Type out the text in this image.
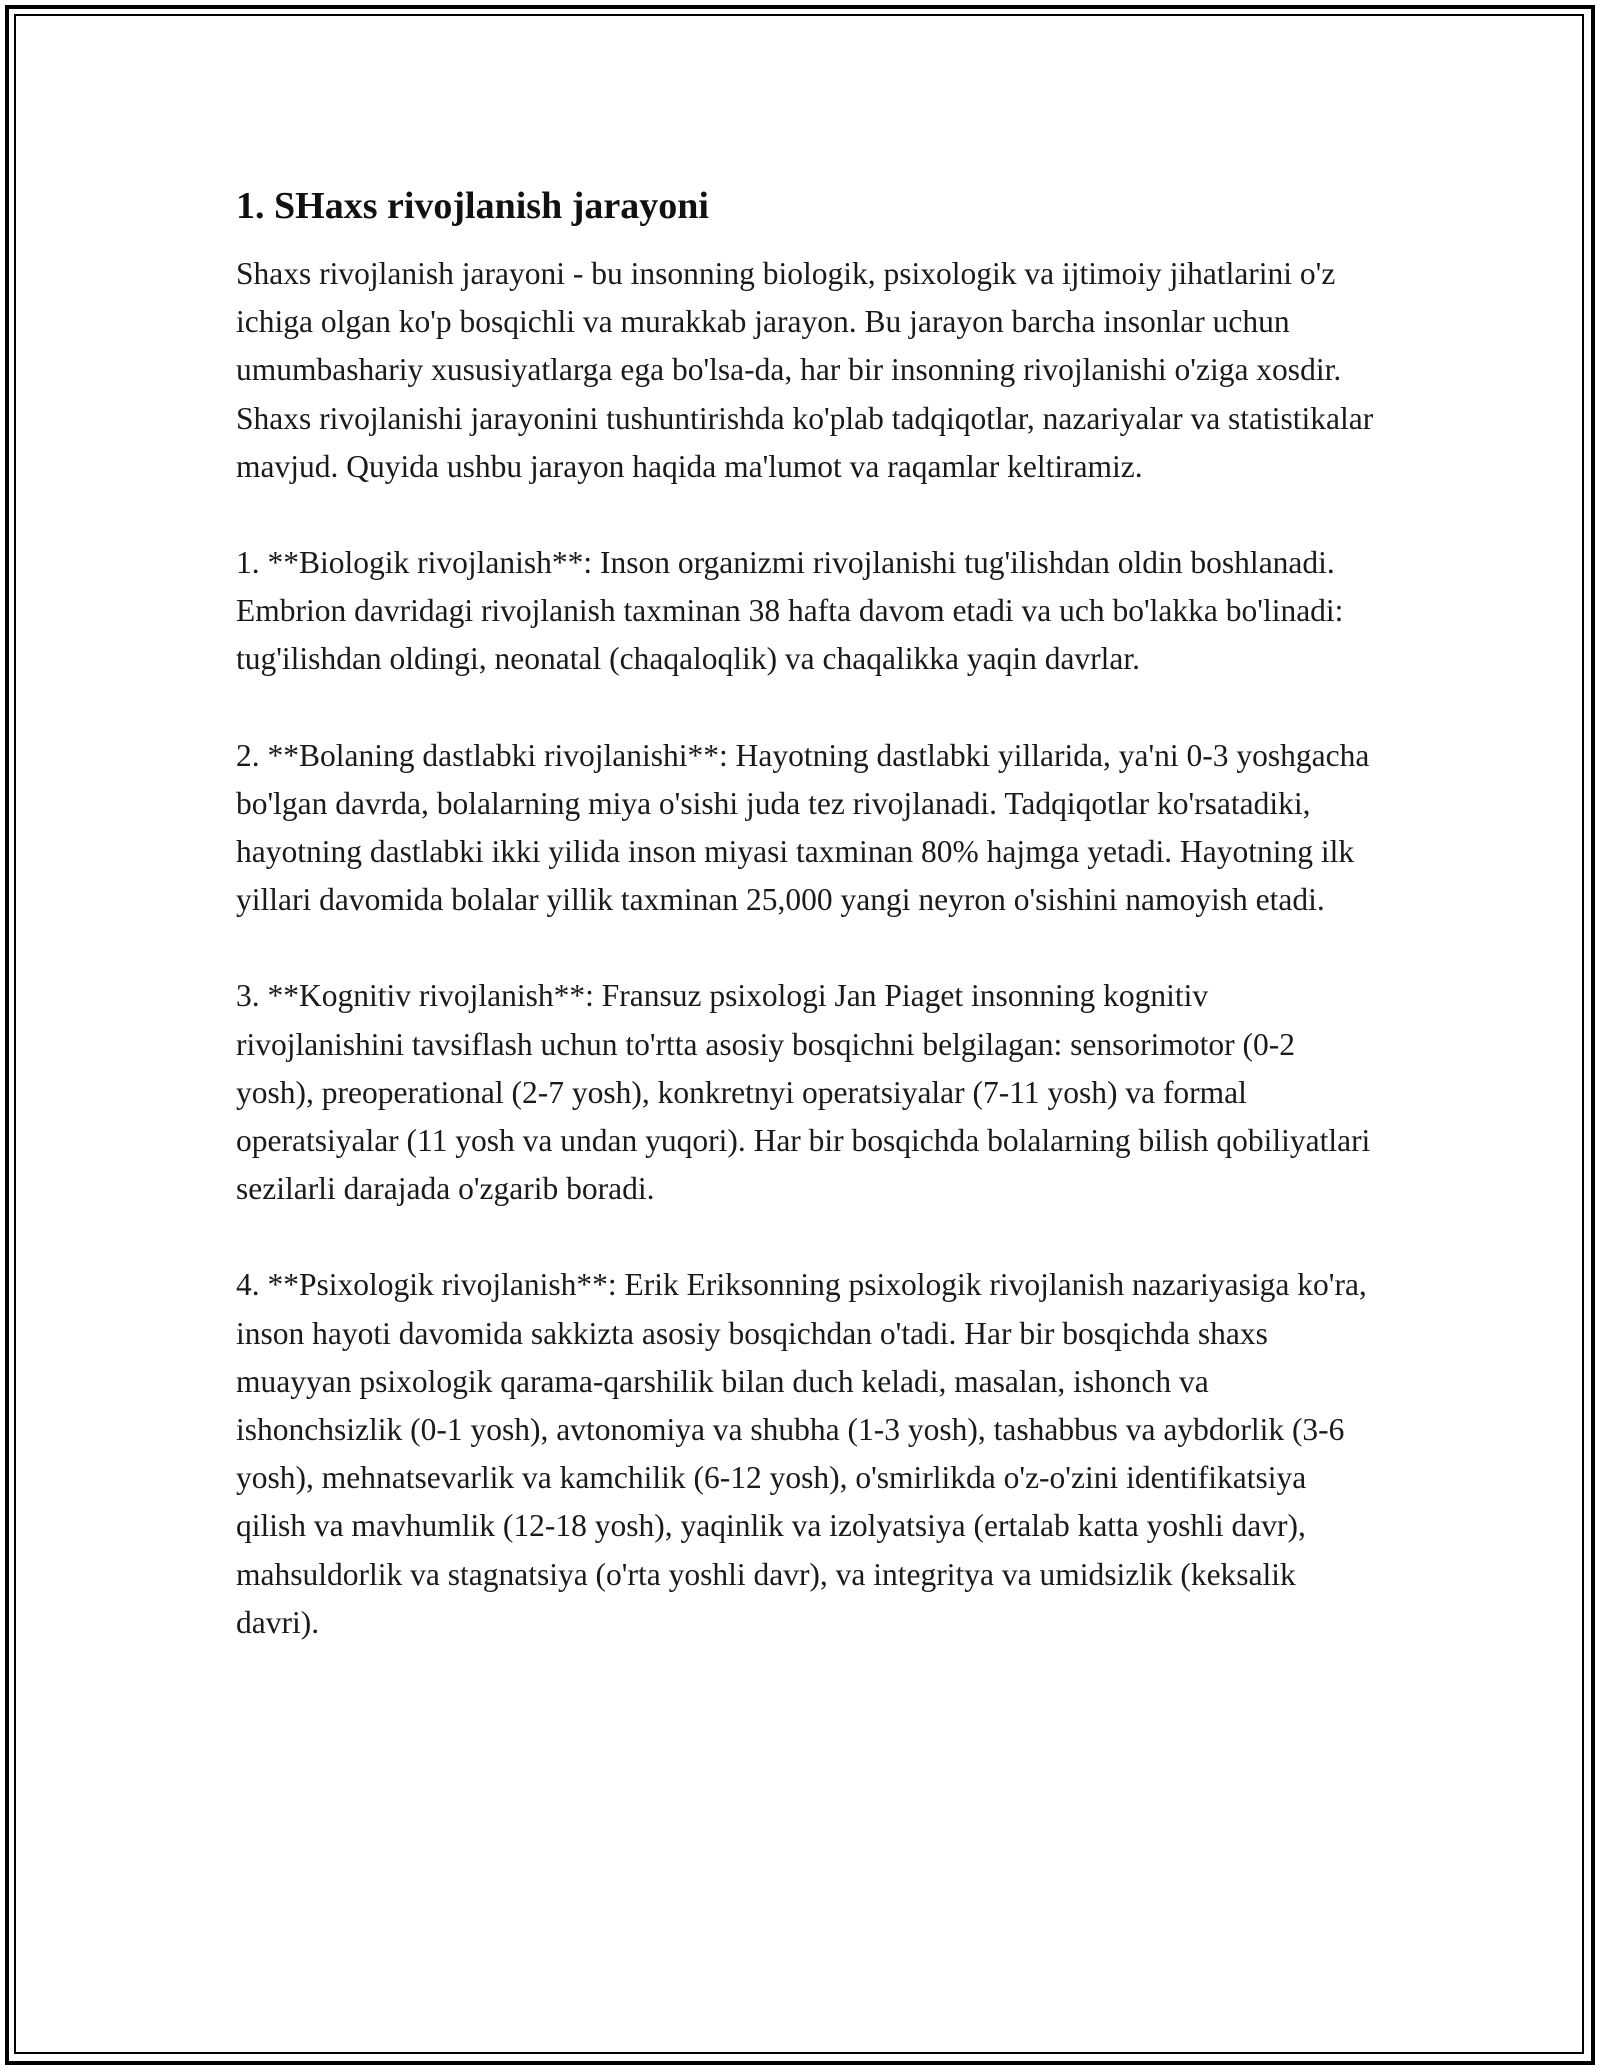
1. SHaxs rivojlanish jarayoni

Shaxs rivojlanish jarayoni - bu insonning biologik, psixologik va ijtimoiy jihatlarini o'z ichiga olgan ko'p bosqichli va murakkab jarayon. Bu jarayon barcha insonlar uchun umumbashariy xususiyatlarga ega bo'lsa-da, har bir insonning rivojlanishi o'ziga xosdir. Shaxs rivojlanishi jarayonini tushuntirishda ko'plab tadqiqotlar, nazariyalar va statistikalar mavjud. Quyida ushbu jarayon haqida ma'lumot va raqamlar keltiramiz.

1. **Biologik rivojlanish**: Inson organizmi rivojlanishi tug'ilishdan oldin boshlanadi. Embrion davridagi rivojlanish taxminan 38 hafta davom etadi va uch bo'lakka bo'linadi: tug'ilishdan oldingi, neonatal (chaqaloqlik) va chaqalikka yaqin davrlar.

2. **Bolaning dastlabki rivojlanishi**: Hayotning dastlabki yillarida, ya'ni 0-3 yoshgacha bo'lgan davrda, bolalarning miya o'sishi juda tez rivojlanadi. Tadqiqotlar ko'rsatadiki, hayotning dastlabki ikki yilida inson miyasi taxminan 80% hajmga yetadi. Hayotning ilk yillari davomida bolalar yillik taxminan 25,000 yangi neyron o'sishini namoyish etadi.

3. **Kognitiv rivojlanish**: Fransuz psixologi Jan Piaget insonning kognitiv rivojlanishini tavsiflash uchun to'rtta asosiy bosqichni belgilagan: sensorimotor (0-2 yosh), preoperational (2-7 yosh), konkretnyi operatsiyalar (7-11 yosh) va formal operatsiyalar (11 yosh va undan yuqori). Har bir bosqichda bolalarning bilish qobiliyatlari sezilarli darajada o'zgarib boradi.

4. **Psixologik rivojlanish**: Erik Eriksonning psixologik rivojlanish nazariyasiga ko'ra, inson hayoti davomida sakkizta asosiy bosqichdan o'tadi. Har bir bosqichda shaxs muayyan psixologik qarama-qarshilik bilan duch keladi, masalan, ishonch va ishonchsizlik (0-1 yosh), avtonomiya va shubha (1-3 yosh), tashabbus va aybdorlik (3-6 yosh), mehnatsevarlik va kamchilik (6-12 yosh), o'smirlikda o'z-o'zini identifikatsiya qilish va mavhumlik (12-18 yosh), yaqinlik va izolyatsiya (ertalab katta yoshli davr), mahsuldorlik va stagnatsiya (o'rta yoshli davr), va integritya va umidsizlik (keksalik davri).
